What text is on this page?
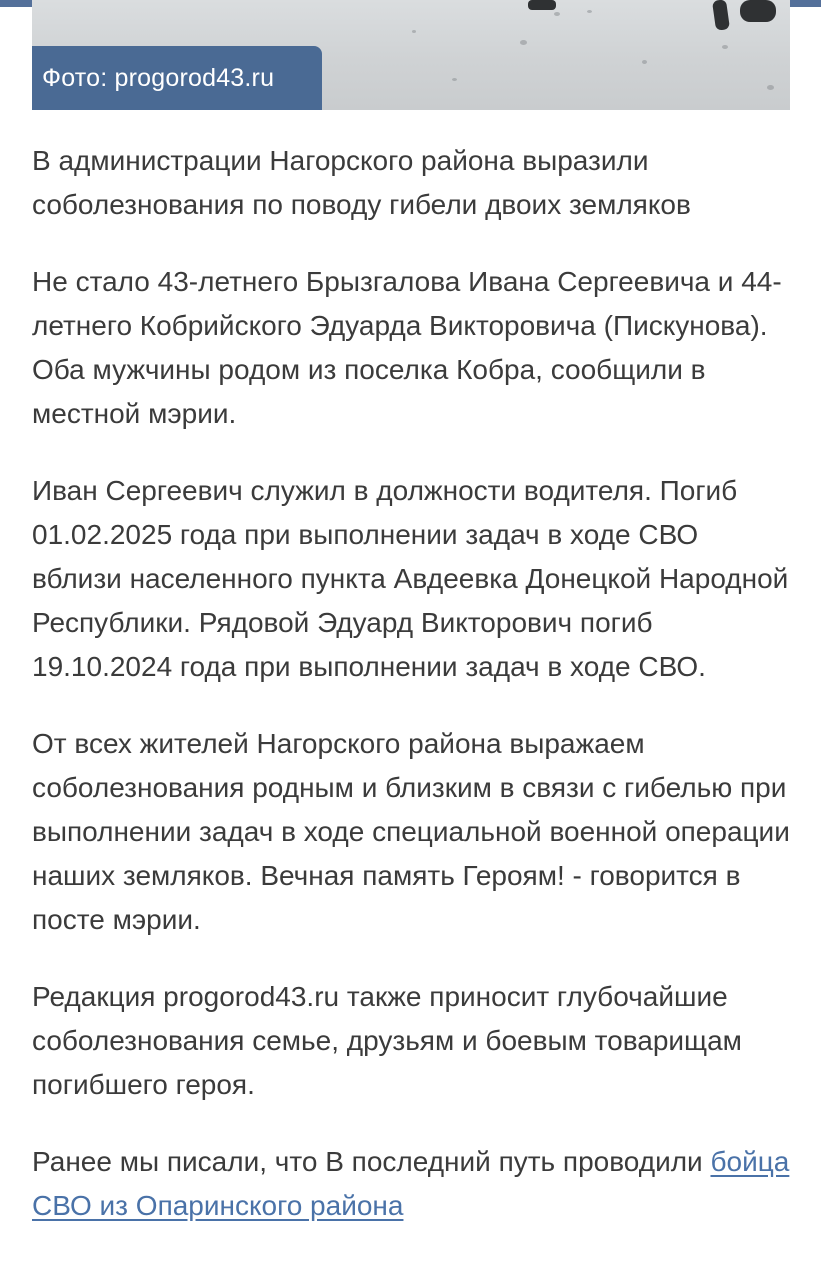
Фото: progorod43.ru

В администрации Нагорского района выразили соболезнования по поводу гибели двоих земляков

Не стало 43-летнего Брызгалова Ивана Сергеевича и 44-летнего Кобрийского Эдуарда Викторовича (Пискунова). Оба мужчины родом из поселка Кобра, сообщили в местной мэрии.

Иван Сергеевич служил в должности водителя. Погиб 01.02.2025 года при выполнении задач в ходе СВО вблизи населенного пункта Авдеевка Донецкой Народной Республики. Рядовой Эдуард Викторович погиб 19.10.2024 года при выполнении задач в ходе СВО.

От всех жителей Нагорского района выражаем соболезнования родным и близким в связи с гибелью при выполнении задач в ходе специальной военной операции наших земляков. Вечная память Героям! - говорится в посте мэрии.

Редакция progorod43.ru также приносит глубочайшие соболезнования семье, друзьям и боевым товарищам погибшего героя.

Ранее мы писали, что В последний путь проводили бойца СВО из Опаринского района
